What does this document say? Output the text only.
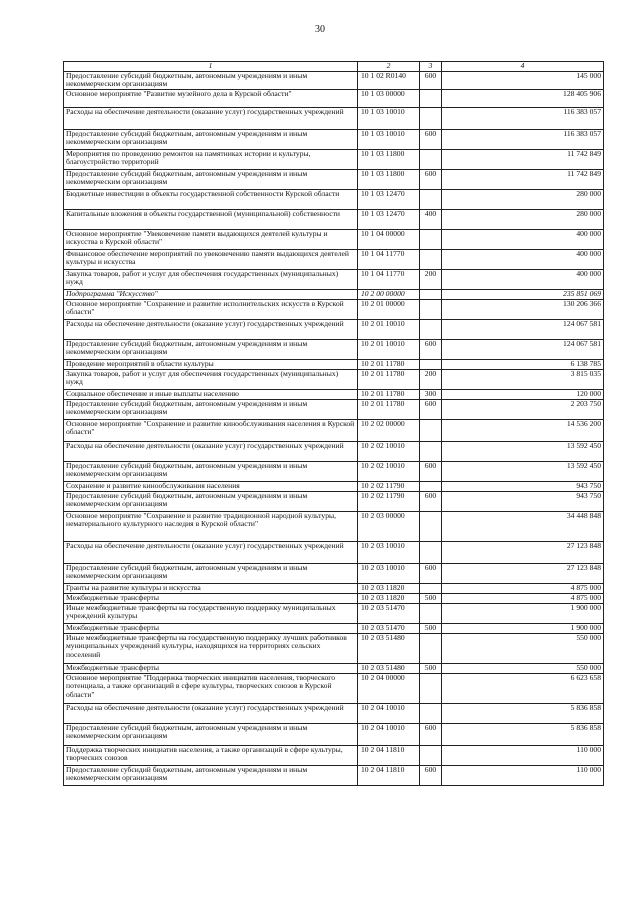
30
1	2	3	4
Предоставление субсидий бюджетным, автономным учреждениям и иным некоммерческим организациям	10 1 02 R0140	600	145 000
Основное мероприятие "Развитие музейного дела в Курской области"	10 1 03 00000		128 405 906
Расходы на обеспечение деятельности (оказание услуг) государственных учреждений	10 1 03 10010		116 383 057
Предоставление субсидий бюджетным, автономным учреждениям и иным некоммерческим организациям	10 1 03 10010	600	116 383 057
Мероприятия по проведению ремонтов на памятниках истории и культуры, благоустройство территорий	10 1 03 11800		11 742 849
Предоставление субсидий бюджетным, автономным учреждениям и иным некоммерческим организациям	10 1 03 11800	600	11 742 849
Бюджетные инвестиции в объекты государственной собственности Курской области	10 1 03 12470		280 000
Капитальные вложения в объекты государственной (муниципальной) собственности	10 1 03 12470	400	280 000
Основное мероприятие "Увековечение памяти выдающихся деятелей культуры и искусства в Курской области"	10 1 04 00000		400 000
Финансовое обеспечение мероприятий по увековечению памяти выдающихся деятелей культуры и искусства	10 1 04 11770		400 000
Закупка товаров, работ и услуг для обеспечения государственных (муниципальных) нужд	10 1 04 11770	200	400 000
Подпрограмма "Искусство"	10 2 00 00000		235 851 069
Основное мероприятие "Сохранение и развитие исполнительских искусств в Курской области"	10 2 01 00000		130 206 366
Расходы на обеспечение деятельности (оказание услуг) государственных учреждений	10 2 01 10010		124 067 581
Предоставление субсидий бюджетным, автономным учреждениям и иным некоммерческим организациям	10 2 01 10010	600	124 067 581
Проведение мероприятий в области культуры	10 2 01 11780		6 138 785
Закупка товаров, работ и услуг для обеспечения государственных (муниципальных) нужд	10 2 01 11780	200	3 815 035
Социальное обеспечение и иные выплаты населению	10 2 01 11780	300	120 000
Предоставление субсидий бюджетным, автономным учреждениям и иным некоммерческим организациям	10 2 01 11780	600	2 203 750
Основное мероприятие "Сохранение и развитие кинообслуживания населения в Курской области"	10 2 02 00000		14 536 200
Расходы на обеспечение деятельности (оказание услуг) государственных учреждений	10 2 02 10010		13 592 450
Предоставление субсидий бюджетным, автономным учреждениям и иным некоммерческим организациям	10 2 02 10010	600	13 592 450
Сохранение и развитие кинообслуживания населения	10 2 02 11790		943 750
Предоставление субсидий бюджетным, автономным учреждениям и иным некоммерческим организациям	10 2 02 11790	600	943 750
Основное мероприятие "Сохранение и развитие традиционной народной культуры, нематериального культурного наследия в Курской области"	10 2 03 00000		34 448 848
Расходы на обеспечение деятельности (оказание услуг) государственных учреждений	10 2 03 10010		27 123 848
Предоставление субсидий бюджетным, автономным учреждениям и иным некоммерческим организациям	10 2 03 10010	600	27 123 848
Гранты на развитие культуры и искусства	10 2 03 11820		4 875 000
Межбюджетные трансферты	10 2 03 11820	500	4 875 000
Иные межбюджетные трансферты на государственную поддержку муниципальных учреждений культуры	10 2 03 51470		1 900 000
Межбюджетные трансферты	10 2 03 51470	500	1 900 000
Иные межбюджетные трансферты на государственную поддержку лучших работников муниципальных учреждений культуры, находящихся на территориях сельских поселений	10 2 03 51480		550 000
Межбюджетные трансферты	10 2 03 51480	500	550 000
Основное мероприятие "Поддержка творческих инициатив населения, творческого потенциала, а также организаций в сфере культуры, творческих союзов в Курской области"	10 2 04 00000		6 623 658
Расходы на обеспечение деятельности (оказание услуг) государственных учреждений	10 2 04 10010		5 836 858
Предоставление субсидий бюджетным, автономным учреждениям и иным некоммерческим организациям	10 2 04 10010	600	5 836 858
Поддержка творческих инициатив населения, а также организаций в сфере культуры, творческих союзов	10 2 04 11810		110 000
Предоставление субсидий бюджетным, автономным учреждениям и иным некоммерческим организациям	10 2 04 11810	600	110 000
